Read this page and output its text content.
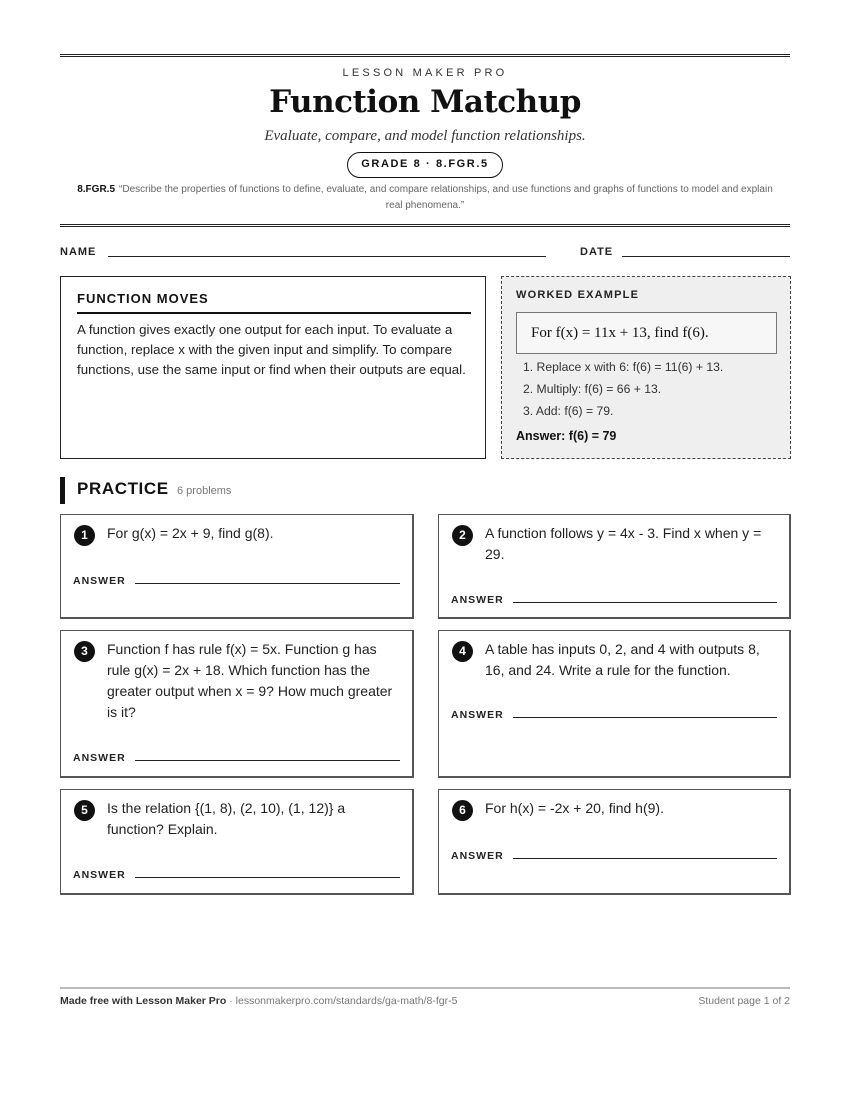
LESSON MAKER PRO
Function Matchup
Evaluate, compare, and model function relationships.
GRADE 8 · 8.FGR.5
8.FGR.5 “Describe the properties of functions to define, evaluate, and compare relationships, and use functions and graphs of functions to model and explain real phenomena.”
NAME	DATE
FUNCTION MOVES
A function gives exactly one output for each input. To evaluate a function, replace x with the given input and simplify. To compare functions, use the same input or find when their outputs are equal.
WORKED EXAMPLE
For f(x) = 11x + 13, find f(6).
1. Replace x with 6: f(6) = 11(6) + 13.
2. Multiply: f(6) = 66 + 13.
3. Add: f(6) = 79.
Answer: f(6) = 79
PRACTICE 6 problems
1	For g(x) = 2x + 9, find g(8).
ANSWER
2	A function follows y = 4x - 3. Find x when y = 29.
ANSWER
3	Function f has rule f(x) = 5x. Function g has rule g(x) = 2x + 18. Which function has the greater output when x = 9? How much greater is it?
ANSWER
4	A table has inputs 0, 2, and 4 with outputs 8, 16, and 24. Write a rule for the function.
ANSWER
5	Is the relation {(1, 8), (2, 10), (1, 12)} a function? Explain.
ANSWER
6	For h(x) = -2x + 20, find h(9).
ANSWER
Made free with Lesson Maker Pro · lessonmakerpro.com/standards/ga-math/8-fgr-5	Student page 1 of 2
